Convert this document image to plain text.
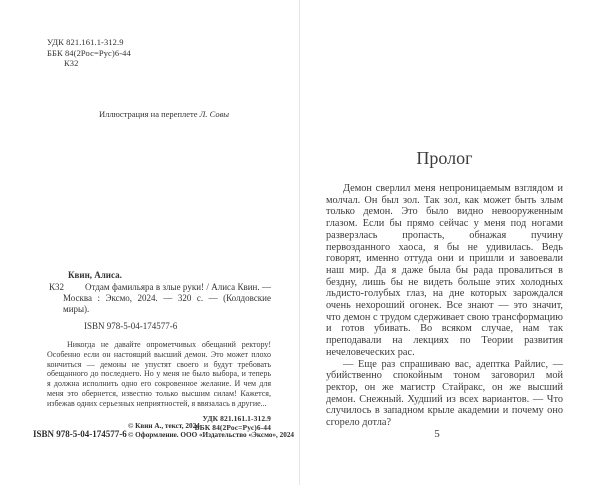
УДК 821.161.1-312.9
ББК 84(2Рос=Рус)6-44
К32
Иллюстрация на переплете Л. Совы
Квин, Алиса.
К32	Отдам фамильяра в злые руки! / Алиса Квин. — Москва : Эксмо, 2024. — 320 с. — (Колдовские миры).

ISBN 978-5-04-174577-6

Никогда не давайте опрометчивых обещаний ректору! Особенно если он настоящий высший демон. Это может плохо кончиться — демоны не упустят своего и будут требовать обещанного до последнего. Но у меня не было выбора, и теперь я должна исполнить одно его сокровенное желание. И чем для меня это обернется, известно только высшим силам! Кажется, избежав одних серьезных неприятностей, я ввязалась в другие...

УДК 821.161.1-312.9
ББК 84(2Рос=Рус)6-44
ISBN 978-5-04-174577-6
© Квин А., текст, 2024
© Оформление. ООО «Издательство «Эксмо», 2024
Пролог

Демон сверлил меня непроницаемым взглядом и молчал. Он был зол. Так зол, как может быть злым только демон. Это было видно невооруженным глазом. Если бы прямо сейчас у меня под ногами разверзлась пропасть, обнажая пучину первозданного хаоса, я бы не удивилась. Ведь говорят, именно оттуда они и пришли и завоевали наш мир. Да я даже была бы рада провалиться в бездну, лишь бы не видеть больше этих холодных льдисто-голубых глаз, на дне которых зарождался очень нехороший огонек. Все знают — это значит, что демон с трудом сдерживает свою трансформацию и готов убивать. Во всяком случае, нам так преподавали на лекциях по Теории развития нечеловеческих рас.

— Еще раз спрашиваю вас, адептка Райлис, — убийственно спокойным тоном заговорил мой ректор, он же магистр Стайракс, он же высший демон. Снежный. Худший из всех вариантов. — Что случилось в западном крыле академии и почему оно сгорело дотла?

5
